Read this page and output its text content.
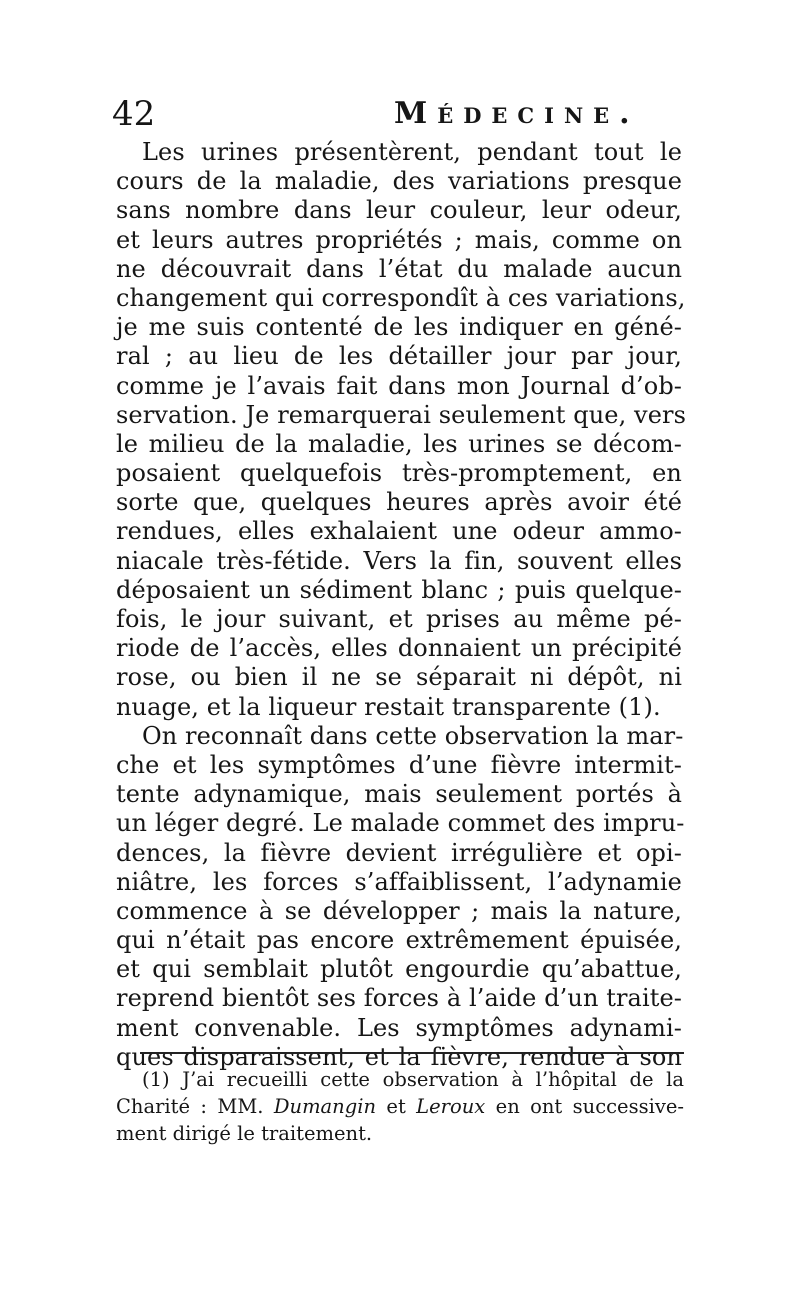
42	Médecine.
Les urines présentèrent, pendant tout le
cours de la maladie, des variations presque
sans nombre dans leur couleur, leur odeur,
et leurs autres propriétés ; mais, comme on
ne découvrait dans l’état du malade aucun
changement qui correspondît à ces variations,
je me suis contenté de les indiquer en géné-
ral ; au lieu de les détailler jour par jour,
comme je l’avais fait dans mon Journal d’ob-
servation. Je remarquerai seulement que, vers
le milieu de la maladie, les urines se décom-
posaient quelquefois très-promptement, en
sorte que, quelques heures après avoir été
rendues, elles exhalaient une odeur ammo-
niacale très-fétide. Vers la fin, souvent elles
déposaient un sédiment blanc ; puis quelque-
fois, le jour suivant, et prises au même pé-
riode de l’accès, elles donnaient un précipité
rose, ou bien il ne se séparait ni dépôt, ni
nuage, et la liqueur restait transparente (1).
On reconnaît dans cette observation la mar-
che et les symptômes d’une fièvre intermit-
tente adynamique, mais seulement portés à
un léger degré. Le malade commet des impru-
dences, la fièvre devient irrégulière et opi-
niâtre, les forces s’affaiblissent, l’adynamie
commence à se développer ; mais la nature,
qui n’était pas encore extrêmement épuisée,
et qui semblait plutôt engourdie qu’abattue,
reprend bientôt ses forces à l’aide d’un traite-
ment convenable. Les symptômes adynami-
ques disparaissent, et la fièvre, rendue à son
(1) J’ai recueilli cette observation à l’hôpital de la
Charité : MM. Dumangin et Leroux en ont successive-
ment dirigé le traitement.
